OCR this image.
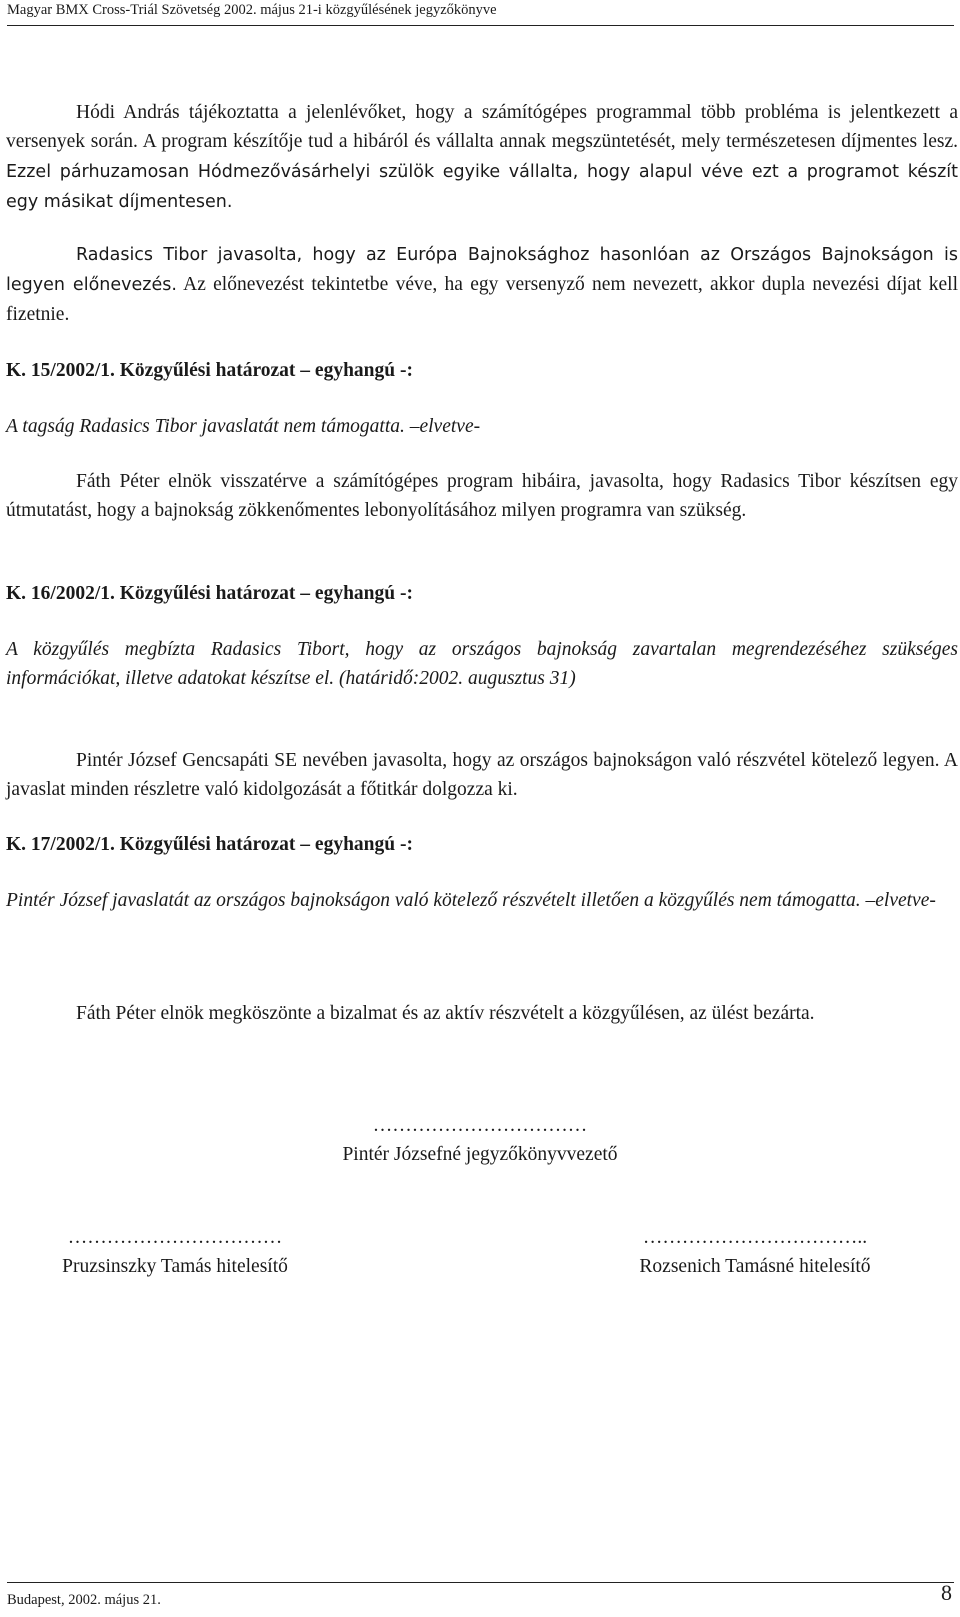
Magyar BMX Cross-Triál Szövetség 2002. május 21-i közgyűlésének jegyzőkönyve
Hódi András tájékoztatta a jelenlévőket, hogy a számítógépes programmal több probléma is jelentkezett a versenyek során. A program készítője tud a hibáról és vállalta annak megszüntetését, mely természetesen díjmentes lesz. Ezzel párhuzamosan Hódmezővásárhelyi szülök egyike vállalta, hogy alapul véve ezt a programot készít egy másikat díjmentesen.
Radasics Tibor javasolta, hogy az Európa Bajnoksághoz hasonlóan az Országos Bajnokságon is legyen előnevezés. Az előnevezést tekintetbe véve, ha egy versenyző nem nevezett, akkor dupla nevezési díjat kell fizetnie.
K. 15/2002/1. Közgyűlési határozat – egyhangú -:
A tagság Radasics Tibor javaslatát nem támogatta. –elvetve-
Fáth Péter elnök visszatérve a számítógépes program hibáira, javasolta, hogy Radasics Tibor készítsen egy útmutatást, hogy a bajnokság zökkenőmentes lebonyolításához milyen programra van szükség.
K. 16/2002/1. Közgyűlési határozat – egyhangú -:
A közgyűlés megbízta Radasics Tibort, hogy az országos bajnokság zavartalan megrendezéséhez szükséges információkat, illetve adatokat készítse el. (határidő:2002. augusztus 31)
Pintér József Gencsapáti SE nevében javasolta, hogy az országos bajnokságon való részvétel kötelező legyen. A javaslat minden részletre való kidolgozását a főtitkár dolgozza ki.
K. 17/2002/1. Közgyűlési határozat – egyhangú -:
Pintér József javaslatát az országos bajnokságon való kötelező részvételt illetően a közgyűlés nem támogatta. –elvetve-
Fáth Péter elnök megköszönte a bizalmat és az aktív részvételt a közgyűlésen, az ülést bezárta.
……………………………
Pintér Józsefné jegyzőkönyvvezető
……………………………
Pruzsinszky Tamás hitelesítő
……………………………..
Rozsenich Tamásné hitelesítő
Budapest, 2002. május 21.	8
